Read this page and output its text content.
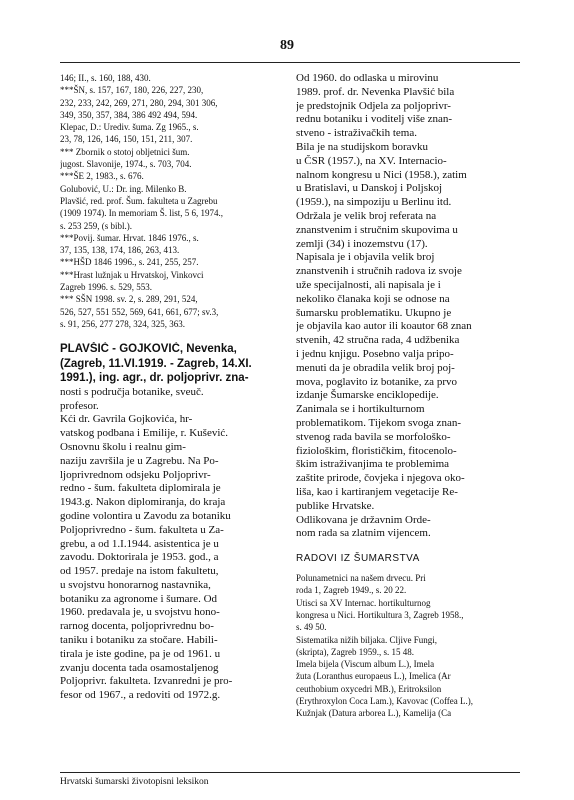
89
146; II., s. 160, 188, 430.
***ŠN, s. 157, 167, 180, 226, 227, 230,
232, 233, 242, 269, 271, 280, 294, 301 306,
349, 350, 357, 384, 386 492 494, 594.
Klepac, D.: Urediv. šuma. Zg 1965., s.
23, 78, 126, 146, 150, 151, 211, 307.
*** Zbornik o stotoj obljetnici šum.
jugost. Slavonije, 1974., s. 703, 704.
***ŠE 2, 1983., s. 676.
Golubović, U.: Dr. ing. Milenko B.
Plavšić, red. prof. Šum. fakulteta u Zagrebu
(1909 1974). In memoriam Š. list, 5 6, 1974.,
s. 253 259, (s bibl.).
***Povij. šumar. Hrvat. 1846 1976., s.
37, 135, 138, 174, 186, 263, 413.
***HŠD 1846 1996., s. 241, 255, 257.
***Hrast lužnjak u Hrvatskoj, Vinkovci
Zagreb 1996. s. 529, 553.
*** SŠN 1998. sv. 2, s. 289, 291, 524,
526, 527, 551 552, 569, 641, 661, 677; sv.3,
s. 91, 256, 277 278, 324, 325, 363.
PLAVŠIĆ - GOJKOVIĆ, Nevenka,
(Zagreb, 11.VI.1919. - Zagreb, 14.XI.
1991.), ing. agr., dr. poljoprivr. zna-
nosti s područja botanike, sveuč.
profesor.
Kći dr. Gavrila Gojkovića, hr-
vatskog podbana i Emilije, r. Kušević.
Osnovnu školu i realnu gim-
naziju završila je u Zagrebu. Na Po-
ljoprivrednom odsjeku Poljoprivr-
redno - šum. fakulteta diplomirala je
1943.g. Nakon diplomiranja, do kraja
godine volontira u Zavodu za botaniku
Poljoprivredno - šum. fakulteta u Za-
grebu, a od 1.I.1944. asistentica je u
zavodu. Doktorirala je 1953. god., a
od 1957. predaje na istom fakultetu,
u svojstvu honorarnog nastavnika,
botaniku za agronome i šumare. Od
1960. predavala je, u svojstvu hono-
rarnog docenta, poljoprivrednu bo-
taniku i botaniku za stočare. Habili-
tirala je iste godine, pa je od 1961. u
zvanju docenta tada osamostaljenog
Poljoprivr. fakulteta. Izvanredni je pro-
fesor od 1967., a redoviti od 1972.g.
Od 1960. do odlaska u mirovinu
1989. prof. dr. Nevenka Plavšić bila
je predstojnik Odjela za poljoprivr-
rednu botaniku i voditelj više znan-
stveno - istraživačkih tema.
Bila je na studijskom boravku
u ČSR (1957.), na XV. Internacio-
nalnom kongresu u Nici (1958.), zatim
u Bratislavi, u Danskoj i Poljskoj
(1959.), na simpoziju u Berlinu itd.
Održala je velik broj referata na
znanstvenim i stručnim skupovima u
zemlji (34) i inozemstvu (17).
Napisala je i objavila velik broj
znanstvenih i stručnih radova iz svoje
uže specijalnosti, ali napisala je i
nekoliko članaka koji se odnose na
šumarsku problematiku. Ukupno je
je objavila kao autor ili koautor 68 znan
stvenih, 42 stručna rada, 4 udžbenika
i jednu knjigu. Posebno valja pripo-
menuti da je obradila velik broj poj-
mova, poglavito iz botanike, za prvo
izdanje Šumarske enciklopedije.
Zanimala se i hortikulturnom
problematikom. Tijekom svoga znan-
stvenog rada bavila se morfološko-
fiziološkim, florističkim, fitocenolo-
škim istraživanjima te problemima
zaštite prirode, čovjeka i njegova oko-
liša, kao i kartiranjem vegetacije Re-
publike Hrvatske.
Odlikovana je državnim Orde-
nom rada sa zlatnim vijencem.
RADOVI IZ ŠUMARSTVA
Polunametnici na našem drvecu. Pri
roda 1, Zagreb 1949., s. 20 22.
Utisci sa XV Internac. hortikulturnog
kongresa u Nici. Hortikultura 3, Zagreb 1958.,
s. 49 50.
Sistematika nižih biljaka. Cljive Fungi,
(skripta), Zagreb 1959., s. 15 48.
Imela bijela (Viscum album L.), Imela
žuta (Loranthus europaeus L.), Imelica (Ar
ceuthobium oxycedri MB.), Eritroksilon
(Erythroxylon Coca Lam.), Kavovac (Coffea L.),
Kužnjak (Datura arborea L.), Kamelija (Ca
Hrvatski šumarski životopisni leksikon
